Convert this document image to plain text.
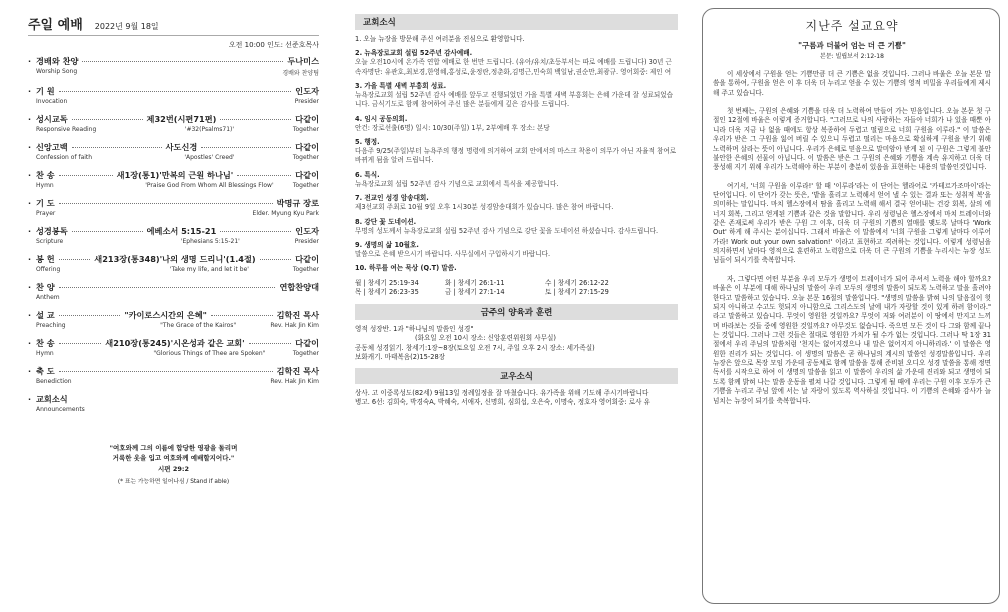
주일 예배 2022년 9월 18일
오전 10:00 인도: 선준호목사
· 경배와 찬양	두나미스
Worship Song	경배와 찬양팀
· 기 원	인도자
Invocation	Presider
· 성시교독	제32번(시편71편)	다같이
Responsive Reading	'#32(Psalms71)'	Together
· 신앙고백	사도신경	다같이
Confession of faith	'Apostles' Creed'	Together
· 찬 송	새1장(통1)'만복의 근원 하나님'	다같이
Hymn	'Praise God From Whom All Blessings Flow'	Together
· 기 도	박명규 장로
Prayer	Elder. Myung Kyu Park
· 성경봉독	에베소서 5:15-21	인도자
Scripture	'Ephesians 5:15-21'	Presider
· 봉 헌	새213장(통348)'나의 생명 드리니'(1.4절)	다같이
Offering	'Take my life, and let it be'	Together
· 찬 양	연합찬양대
Anthem
· 설 교	"카이로스시간의 은혜"	김학진 목사
Preaching	"The Grace of the Kairos"	Rev. Hak Jin Kim
· 찬 송	새210장(통245)'시온성과 같은 교회'	다같이
Hymn	"Glorious Things of Thee are Spoken"	Together
· 축 도	김학진 목사
Benediction	Rev. Hak Jin Kim
· 교회소식
Announcements
"여호와께 그의 이름에 합당한 영광을 돌리며
거룩한 옷을 입고 여호와께 예배할지어다."
시편 29:2
(* 표는 가능하면 일어나심 / Stand if able)
교회소식
1. 오늘 뉴장을 방문해 주신 여러분을 진심으로 환영합니다.
2. 뉴욕장로교회 설립 52주년 감사예배.
오늘 오전10시에 온가족 연합 예배로 한 번만 드립니다. (유아/유치/초등부서는 따로 예배를 드립니다) 30년 근속자명단: 유관호,최보경,한영혜,홍성로,윤정란,정춘화,김명근,민숙희 백일남,권순만,최광규. 영어회중: 제인 여
3. 가을 특별 새벽 부흥회 성료.
뉴욕장로교회 설립 52주년 감사 예배를 앞두고 진행되었던 가을 특별 새벽 부흥회는 은혜 가운데 잘 성료되었습니다. 금식기도로 함께 참여하여 주신 많은 분들에게 깊은 감사를 드립니다.
4. 임시 공동의회.
안건: 장로선출(6명) 일시: 10/30(주일) 1부, 2부예배 후 장소: 본당
5. 행정.
다음주 9/25(주일)부터 뉴욕주의 행정 명령에 의거하여 교회 안에서의 마스크 착용이 의무가 아닌 자율적 참여로 바뀌게 됨을 알려 드립니다.
6. 특식.
뉴욕장로교회 설립 52주년 감사 기념으로 교회에서 특식을 제공합니다.
7. 전교인 성경 암송대회.
제3선교회 주최로 10월 9일 오후 1시30분 성경암송대회가 있습니다. 많은 참여 바랍니다.
8. 강단 꽃 도네이션.
무명의 성도께서 뉴욕장로교회 설립 52주년 감사 기념으로 강단 꽃을 도네이션 하셨습니다. 감사드립니다.
9. 생명의 삶 10월호.
말씀으로 은혜 받으시기 바랍니다. 사무실에서 구입하시기 바랍니다.
10. 하루를 여는 묵상 (Q.T) 말씀.
월 | 창세기 25:19-34	화 | 창세기 26:1-11	수 | 창세기 26:12-22
목 | 창세기 26:23-35	금 | 창세기 27:1-14	토 | 창세기 27:15-29
금주의 양육과 훈련
영적 성장반. 1과 "하나님의 말씀인 성경"
(화요일 오전 10시 장소: 신앙훈련위원회 사무실)
공동체 성경읽기. 창세기:1장~8장(토요일 오전 7시, 주일 오후 2시 장소: 세가족실)
보화캐기. 마태복음(2)15-28장
교우소식
상사. 고 이중록성도(82세) 9월13일 정례일정을 잘 마쳤습니다. 유가족을 위해 기도해 주시기바랍니다
병고. 6선: 김희숙, 박경숙A, 박혜숙, 서애자, 신명희, 심희섭, 오은숙, 이명숙, 정호자 영어회중: 로사 유
지난주 설교요약
"구름과 더불어 엄는 더 큰 기쁨"
본문: 빌립보서 2:12-18

이 세상에서 구원을 얻는 기쁨만큼 더 큰 기쁨은 없을 것입니다. 그러나 바울은 오늘 본문 말씀을 통하여, 구원을 얻은 이 후 더욱 더 누리고 얻을 수 있는 기쁨의 영적 비밀을 우리들에게 제시해 주고 있습니다.

첫 번째는, 구원의 은혜와 기쁨을 더욱 더 노력하여 만들어 가는 믿음입니다. 오늘 본문 첫 구절인 12절에 바울은 이렇게 증거합니다. "그러므로 나의 사랑하는 자들아 너희가 나 있을 때뿐 아니라 더욱 지금 나 없을 때에도 항상 복종하여 두렵고 떨림으로 너희 구원을 이루라." 이 말씀은 우리가 받은 그 구원을 잃어 버릴 수 있으니 두렵고 떨리는 마음으로 확실하게 구원을 받기 위해 노력하며 살라는 뜻이 아닙니다. 우리가 은혜로 믿음으로 말미암아 받게 된 이 구원은 그렇게 불안 불안한 은혜의 선물이 아닙니다. 이 말씀은 받은 그 구원의 은혜와 기쁨을 계속 유지하고 더욱 더 풍성해 지기 위해 우리가 노력해야 하는 부분이 충분히 있음을 표현하는 내용의 말씀인것입니다.

여기서, '너희 구원을 이루라!' 할 때 '이루라'라는 이 단어는 헬라어로 '카테르가조마이'라는 단어입니다. 이 단어가 갖는 뜻은, '밭을 흘리고 노력해서 얻어 낼 수 있는 결과 또는 성취적 복'을 의미하는 말입니다. 마치 헬스장에서 땀을 흘리고 노력해 해서 결국 얻어내는 건강 회복, 살의 에너지 회복, 그리고 얻게된 기쁨과 같은 것을 말합니다. 우리 성령님은 헬스장에서 마치 트레이너와 같은 존재로써 우리가 받은 구원 그 이후, 더욱 더 구원의 기쁨의 열매를 맺도록 날마다 'Work Out' 하게 해 주시는 분이십니다. 그래서 바울은 이 말씀에서 '너희 구원을 그렇게 날마다 이루어가라! Work out your own salvation!' 이라고 표현하고 격려하는 것입니다. 이렇게 성령님을 의지하면서 날마다 영적으로 훈련하고 노력함으로 더욱 더 큰 구원의 기쁨을 누리시는 뉴장 성도님들이 되시기를 축복합니다.

자, 그렇다면 어떤 부분을 우리 모두가 생명이 트레이너가 되어 주셔서 노력을 해야 할까요? 바울은 이 부분에 대해 하나님의 말씀이 우리 모두의 생명의 말씀이 되도록 노력하고 말을 흘려야 한다고 말씀하고 있습니다. 오늘 본문 16절의 말씀입니다. "생명의 말씀을 밝혀 나의 달음질이 헛되지 아니하고 수고도 헛되지 아니함으로 그리스도의 날에 내가 자랑할 것이 있게 하려 함이라." 라고 말씀하고 있습니다. 무엇이 영원한 것일까요? 무엇이 저와 여러분이 이 땅에서 만지고 느끼며 바라보는 것들 중에 영원한 것일까요? 아무것도 없습니다. 죽으면 모든 것이 다 그와 함께 끝나는 것입니다. 그러나 그런 것들은 절대로 영원한 가치가 될 수가 없는 것입니다. 그러나 딱 1장 31절에서 우리 주님의 말씀처럼 '천지는 없어지겠으나 내 말은 없어지지 아니하리라.' 이 말씀은 영원한 진리가 되는 것입니다. 이 생명의 말씀은 곧 하나님의 계시의 말씀인 성경말씀입니다. 우리 뉴장은 앞으로 목장 모임 가운데 공동체로 함께 말씀을 통해 준비된 오디오 성경 말씀을 통해 정면독서를 시작으로 하여 이 생명의 말씀을 읽고 이 말씀이 우리의 삶 가운데 진리와 되고 생명이 되도록 함께 밝혀 나는 말씀 운동을 펼쳐 나갈 것입니다. 그렇게 될 때에 우리는 구원 이후 모두가 큰 기쁨을 누리고 주님 앞에 서는 날 자랑이 있도록 역사하실 것입니다. 이 기쁨의 은혜와 감사가 늘 넘치는 뉴장이 되기를 축복합니다.
